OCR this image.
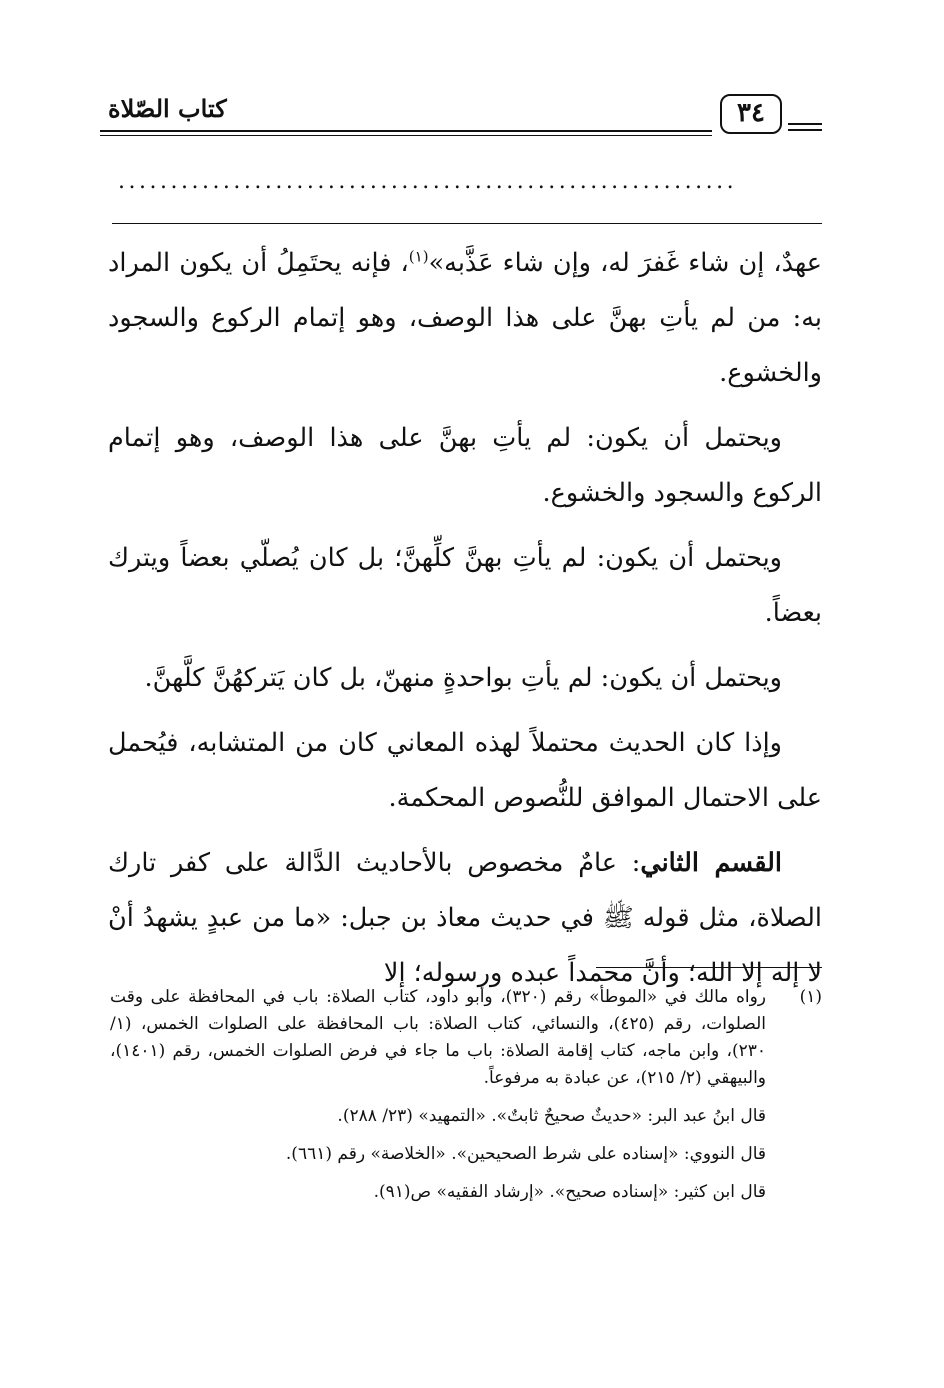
كتاب الصّلاة	٣٤
...........................................................

عهدٌ، إن شاء غَفرَ له، وإن شاء عَذَّبه»$^{(١)}$، فإنه يحتَمِلُ أن يكون المراد به: من لم يأتِ بهنَّ على هذا الوصف، وهو إتمام الركوع والسجود والخشوع.

ويحتمل أن يكون: لم يأتِ بهنَّ على هذا الوصف، وهو إتمام الركوع والسجود والخشوع.

ويحتمل أن يكون: لم يأتِ بهنَّ كلِّهنَّ؛ بل كان يُصلّي بعضاً ويترك بعضاً.

ويحتمل أن يكون: لم يأتِ بواحدةٍ منهنّ، بل كان يَتركهُنَّ كلَّهنَّ.

وإذا كان الحديث محتملاً لهذه المعاني كان من المتشابه، فيُحمل على الاحتمال الموافق للنُّصوص المحكمة.

القسم الثاني: عامٌ مخصوص بالأحاديث الدَّالة على كفر تارك الصلاة، مثل قوله ﷺ في حديث معاذ بن جبل: «ما من عبدٍ يشهدُ أنْ لا إله إلا الله؛ وأنَّ محمداً عبده ورسوله؛ إلا

(١)
رواه مالك في «الموطأ» رقم (٣٢٠)، وأبو داود، كتاب الصلاة: باب في المحافظة على وقت الصلوات، رقم (٤٢٥)، والنسائي، كتاب الصلاة: باب المحافظة على الصلوات الخمس، (١/ ٢٣٠)، وابن ماجه، كتاب إقامة الصلاة: باب ما جاء في فرض الصلوات الخمس، رقم (١٤٠١)، والبيهقي (٢/ ٢١٥)، عن عبادة به مرفوعاً.
قال ابنُ عبد البر: «حديثٌ صحيحٌ ثابتٌ». «التمهيد» (٢٣/ ٢٨٨).
قال النووي: «إسناده على شرط الصحيحين». «الخلاصة» رقم (٦٦١).
قال ابن كثير: «إسناده صحيح». «إرشاد الفقيه» ص(٩١).
